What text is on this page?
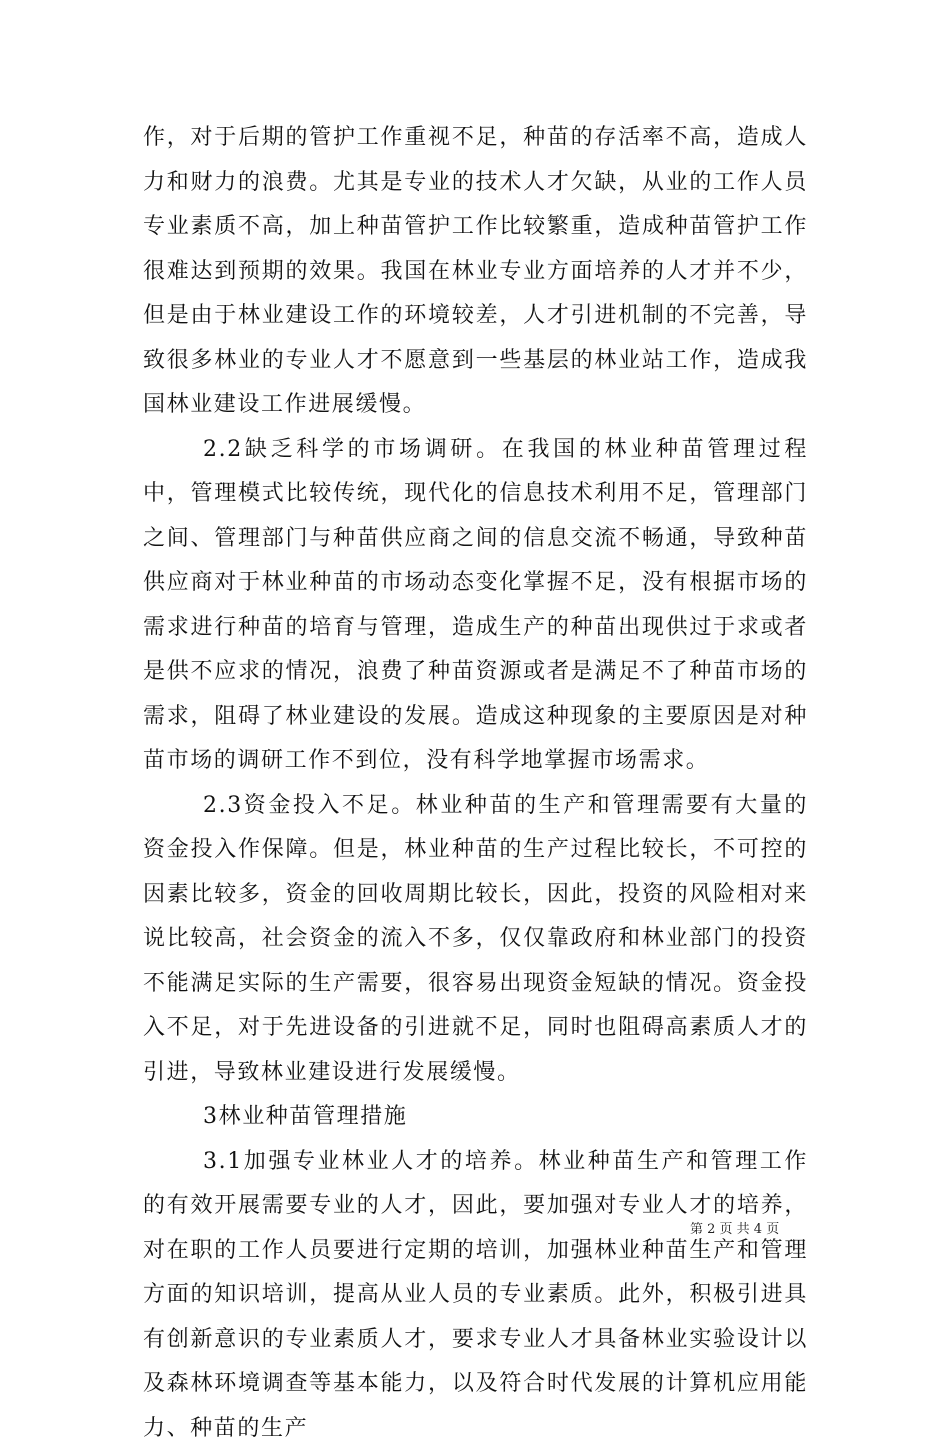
作，对于后期的管护工作重视不足，种苗的存活率不高，造成人力和财力的浪费。尤其是专业的技术人才欠缺，从业的工作人员专业素质不高，加上种苗管护工作比较繁重，造成种苗管护工作很难达到预期的效果。我国在林业专业方面培养的人才并不少，但是由于林业建设工作的环境较差，人才引进机制的不完善，导致很多林业的专业人才不愿意到一些基层的林业站工作，造成我国林业建设工作进展缓慢。

2.2缺乏科学的市场调研。在我国的林业种苗管理过程中，管理模式比较传统，现代化的信息技术利用不足，管理部门之间、管理部门与种苗供应商之间的信息交流不畅通，导致种苗供应商对于林业种苗的市场动态变化掌握不足，没有根据市场的需求进行种苗的培育与管理，造成生产的种苗出现供过于求或者是供不应求的情况，浪费了种苗资源或者是满足不了种苗市场的需求，阻碍了林业建设的发展。造成这种现象的主要原因是对种苗市场的调研工作不到位，没有科学地掌握市场需求。

2.3资金投入不足。林业种苗的生产和管理需要有大量的资金投入作保障。但是，林业种苗的生产过程比较长，不可控的因素比较多，资金的回收周期比较长，因此，投资的风险相对来说比较高，社会资金的流入不多，仅仅靠政府和林业部门的投资不能满足实际的生产需要，很容易出现资金短缺的情况。资金投入不足，对于先进设备的引进就不足，同时也阻碍高素质人才的引进，导致林业建设进行发展缓慢。

3林业种苗管理措施

3.1加强专业林业人才的培养。林业种苗生产和管理工作的有效开展需要专业的人才，因此，要加强对专业人才的培养，对在职的工作人员要进行定期的培训，加强林业种苗生产和管理方面的知识培训，提高从业人员的专业素质。此外，积极引进具有创新意识的专业素质人才，要求专业人才具备林业实验设计以及森林环境调查等基本能力，以及符合时代发展的计算机应用能力、种苗的生产

第 2 页 共 4 页
